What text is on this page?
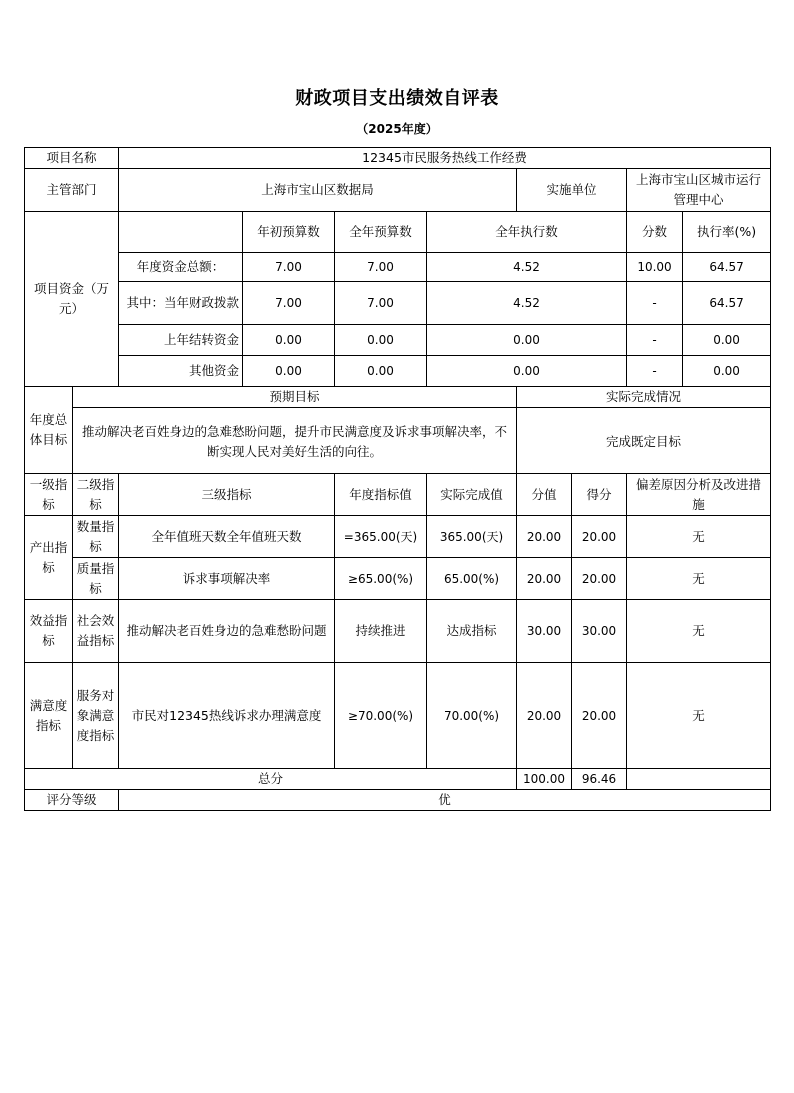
财政项目支出绩效自评表
（2025年度）
项目名称		12345市民服务热线工作经费								
主管部门		上海市宝山区数据局				实施单位		上海市宝山区城市运行管理中心		
项目资金（万元）			年初预算数	全年预算数	全年执行数			分数	执行率(%)	
		年度资金总额：	7.00	7.00	4.52			10.00	64.57	
		其中：当年财政拨款	7.00	7.00	4.52			-	64.57	
		上年结转资金	0.00	0.00	0.00			-	0.00	
		其他资金	0.00	0.00	0.00			-	0.00	
年度总体目标	预期目标					实际完成情况				
	推动解决老百姓身边的急难愁盼问题，提升市民满意度及诉求事项解决率，不断实现人民对美好生活的向往。					完成既定目标				
一级指标	二级指标	三级指标		年度指标值	实际完成值	分值	得分	偏差原因分析及改进措施		
产出指标	数量指标	全年值班天数全年值班天数		=365.00(天)	365.00(天)	20.00	20.00	无		
	质量指标	诉求事项解决率		≥65.00(%)	65.00(%)	20.00	20.00	无		
效益指标	社会效益指标	推动解决老百姓身边的急难愁盼问题		持续推进	达成指标	30.00	30.00	无		
满意度指标	服务对象满意度指标	市民对12345热线诉求办理满意度		≥70.00(%)	70.00(%)	20.00	20.00	无		
总分						100.00	96.46			
评分等级		优								
